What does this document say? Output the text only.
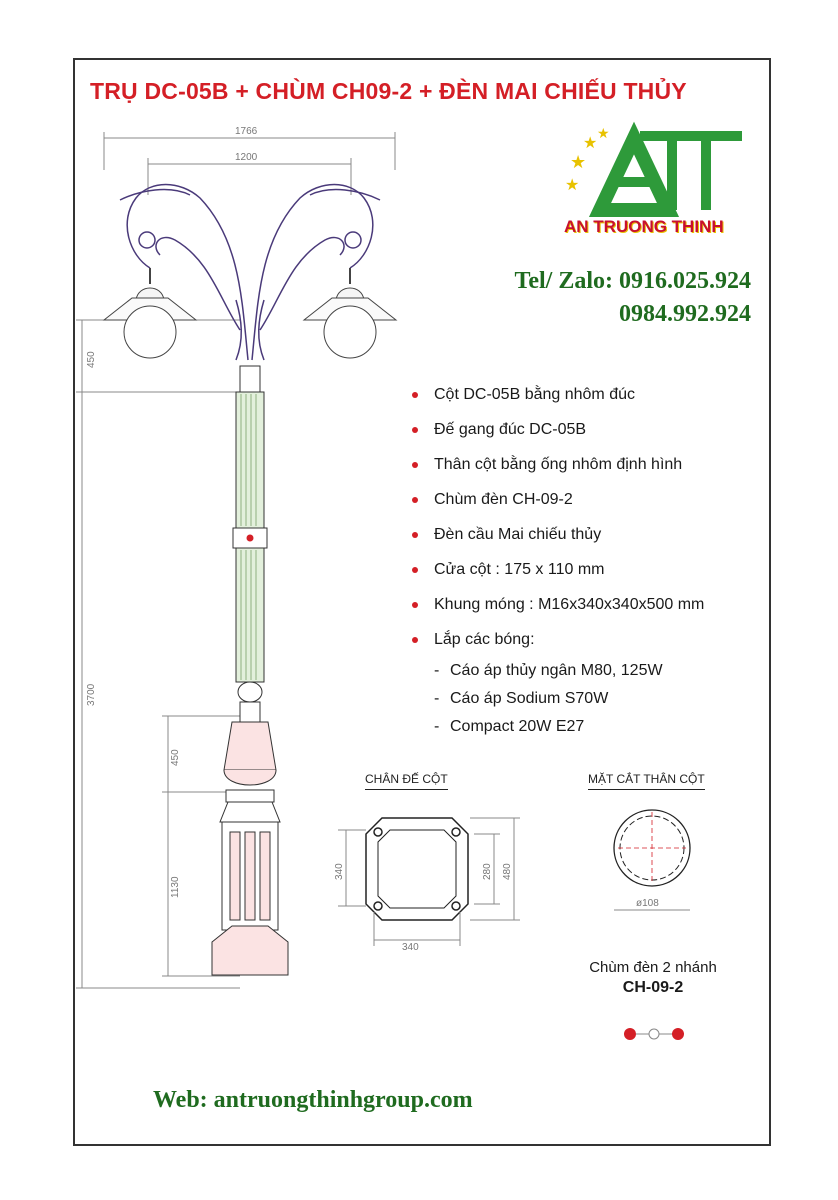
TRỤ DC-05B + CHÙM CH09-2 + ĐÈN MAI CHIẾU THỦY
★
★
★
★
1766
1200
450
3700
450
1130
340	280 480
340
ø108
AN TRUONG THINH
Tel/ Zalo: 0916.025.924
0984.992.924
Cột DC-05B bằng nhôm đúc
Đế gang đúc DC-05B
Thân cột bằng ống nhôm định hình
Chùm đèn CH-09-2
Đèn cầu Mai chiếu thủy
Cửa cột : 175 x 110 mm
Khung móng : M16x340x340x500 mm
Lắp các bóng:
- Cáo áp thủy ngân M80, 125W
- Cáo áp Sodium S70W
- Compact 20W E27
CHÂN ĐẾ CỘT	MẶT CẮT THÂN CỘT
Chùm đèn 2 nhánh
CH-09-2
Web: antruongthinhgroup.com
